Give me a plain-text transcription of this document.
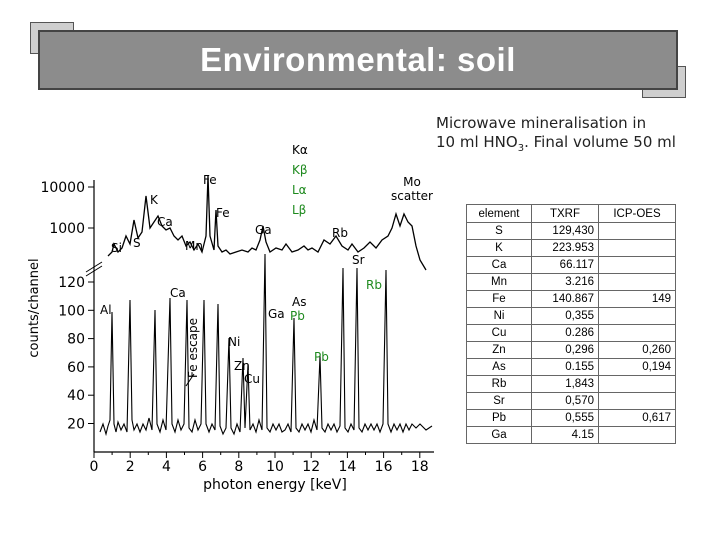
Environmental: soil
Microwave mineralisation in
10 ml $HNO_3$. Final volume 50 ml
0 2 4 6 8 10 12 14 16 18
10000
1000
120
100
80
60
40
20
photon energy [keV]
counts/channel
Si S
K
Ca
Fe
Fe
Mn
Ga	Rb
Sr
Mo
scatter
Kα
Kβ
Lα
Lβ
Al
Ca
Fe escape Ni
Zn
Cu
Ga
As
Pb
Pb
Rb
element	TXRF	ICP-OES
S	129,430	
K	223.953	
Ca	66.117	
Mn	3.216	
Fe	140.867	149
Ni	0,355	
Cu	0.286	
Zn	0,296	0,260
As	0.155	0,194
Rb	1,843	
Sr	0,570	
Pb	0,555	0,617
Ga	4.15	
